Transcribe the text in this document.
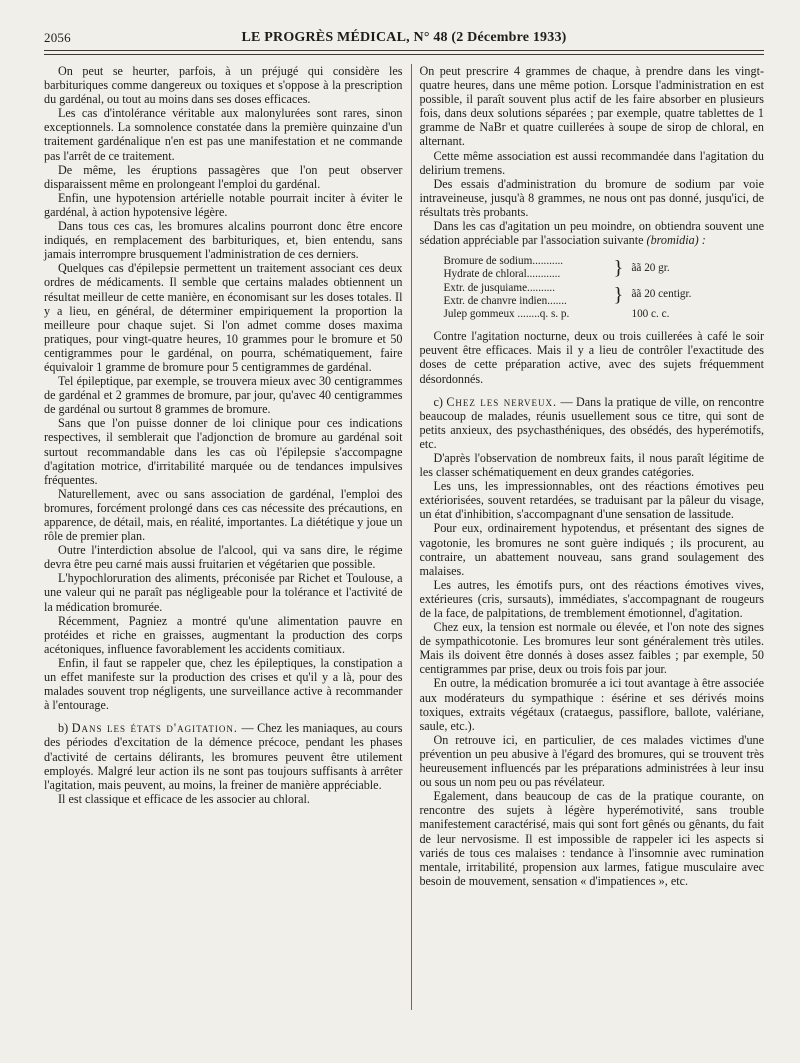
2056	LE PROGRÈS MÉDICAL, N° 48 (2 Décembre 1933)

On peut se heurter, parfois, à un préjugé qui considère les barbituriques comme dangereux ou toxiques et s'oppose à la prescription du gardénal, ou tout au moins dans ses doses efficaces.

Les cas d'intolérance véritable aux malonylurées sont rares, sinon exceptionnels. La somnolence constatée dans la première quinzaine d'un traitement gardénalique n'en est pas une manifestation et ne commande pas l'arrêt de ce traitement.

De même, les éruptions passagères que l'on peut observer disparaissent même en prolongeant l'emploi du gardénal.

Enfin, une hypotension artérielle notable pourrait inciter à éviter le gardénal, à action hypotensive légère.

Dans tous ces cas, les bromures alcalins pourront donc être encore indiqués, en remplacement des barbituriques, et, bien entendu, sans jamais interrompre brusquement l'administration de ces derniers.

Quelques cas d'épilepsie permettent un traitement associant ces deux ordres de médicaments. Il semble que certains malades obtiennent un résultat meilleur de cette manière, en économisant sur les doses totales. Il y a lieu, en général, de déterminer empiriquement la proportion la meilleure pour chaque sujet. Si l'on admet comme doses maxima pratiques, pour vingt-quatre heures, 10 grammes pour le bromure et 50 centigrammes pour le gardénal, on pourra, schématiquement, faire équivaloir 1 gramme de bromure pour 5 centigrammes de gardénal.

Tel épileptique, par exemple, se trouvera mieux avec 30 centigrammes de gardénal et 2 grammes de bromure, par jour, qu'avec 40 centigrammes de gardénal ou surtout 8 grammes de bromure.

Sans que l'on puisse donner de loi clinique pour ces indications respectives, il semblerait que l'adjonction de bromure au gardénal soit surtout recommandable dans les cas où l'épilepsie s'accompagne d'agitation motrice, d'irritabilité marquée ou de tendances impulsives fréquentes.

Naturellement, avec ou sans association de gardénal, l'emploi des bromures, forcément prolongé dans ces cas nécessite des précautions, en apparence, de détail, mais, en réalité, importantes. La diététique y joue un rôle de premier plan.

Outre l'interdiction absolue de l'alcool, qui va sans dire, le régime devra être peu carné mais aussi fruitarien et végétarien que possible.

L'hypochloruration des aliments, préconisée par Richet et Toulouse, a une valeur qui ne paraît pas négligeable pour la tolérance et l'activité de la médication bromurée.

Récemment, Pagniez a montré qu'une alimentation pauvre en protéides et riche en graisses, augmentant la production des corps acétoniques, influence favorablement les accidents comitiaux.

Enfin, il faut se rappeler que, chez les épileptiques, la constipation a un effet manifeste sur la production des crises et qu'il y a là, pour des malades souvent trop négligents, une surveillance active à recommander à l'entourage.

b) Dans les états d'agitation. — Chez les maniaques, au cours des périodes d'excitation de la démence précoce, pendant les phases d'activité de certains délirants, les bromures peuvent être utilement employés. Malgré leur action ils ne sont pas toujours suffisants à arrêter l'agitation, mais peuvent, au moins, la freiner de manière appréciable.

Il est classique et efficace de les associer au chloral.

On peut prescrire 4 grammes de chaque, à prendre dans les vingt-quatre heures, dans une même potion. Lorsque l'administration en est possible, il paraît souvent plus actif de les faire absorber en plusieurs fois, dans deux solutions séparées ; par exemple, quatre tablettes de 1 gramme de NaBr et quatre cuillerées à soupe de sirop de chloral, en alternant.

Cette même association est aussi recommandée dans l'agitation du delirium tremens.

Des essais d'administration du bromure de sodium par voie intraveineuse, jusqu'à 8 grammes, ne nous ont pas donné, jusqu'ici, de résultats très probants.

Dans les cas d'agitation un peu moindre, on obtiendra souvent une sédation appréciable par l'association suivante (bromidia) :

Bromure de sodium...........	}	ãã 20 gr.
Hydrate de chloral............		
Extr. de jusquiame..........	}	ãã 20 centigr.
Extr. de chanvre indien.......		
Julep gommeux ........q. s. p.		100 c. c.

Contre l'agitation nocturne, deux ou trois cuillerées à café le soir peuvent être efficaces. Mais il y a lieu de contrôler l'exactitude des doses de cette préparation active, avec des sujets fréquemment désordonnés.

c) Chez les nerveux. — Dans la pratique de ville, on rencontre beaucoup de malades, réunis usuellement sous ce titre, qui sont de petits anxieux, des psychasthéniques, des obsédés, des hyperémotifs, etc.

D'après l'observation de nombreux faits, il nous paraît légitime de les classer schématiquement en deux grandes catégories.

Les uns, les impressionnables, ont des réactions émotives peu extériorisées, souvent retardées, se traduisant par la pâleur du visage, un état d'inhibition, s'accompagnant d'une sensation de lassitude.

Pour eux, ordinairement hypotendus, et présentant des signes de vagotonie, les bromures ne sont guère indiqués ; ils procurent, au contraire, un abattement nouveau, sans grand soulagement des malaises.

Les autres, les émotifs purs, ont des réactions émotives vives, extérieures (cris, sursauts), immédiates, s'accompagnant de rougeurs de la face, de palpitations, de tremblement émotionnel, d'agitation.

Chez eux, la tension est normale ou élevée, et l'on note des signes de sympathicotonie. Les bromures leur sont généralement très utiles. Mais ils doivent être donnés à doses assez faibles ; par exemple, 50 centigrammes par prise, deux ou trois fois par jour.

En outre, la médication bromurée a ici tout avantage à être associée aux modérateurs du sympathique : ésérine et ses dérivés moins toxiques, extraits végétaux (crataegus, passiflore, ballote, valériane, saule, etc.).

On retrouve ici, en particulier, de ces malades victimes d'une prévention un peu abusive à l'égard des bromures, qui se trouvent très heureusement influencés par les préparations administrées à leur insu ou sous un nom peu ou pas révélateur.

Egalement, dans beaucoup de cas de la pratique courante, on rencontre des sujets à légère hyperémotivité, sans trouble manifestement caractérisé, mais qui sont fort gênés ou gênants, du fait de leur nervosisme. Il est impossible de rappeler ici les aspects si variés de tous ces malaises : tendance à l'insomnie avec rumination mentale, irritabilité, propension aux larmes, fatigue musculaire avec besoin de mouvement, sensation « d'impatiences », etc.
